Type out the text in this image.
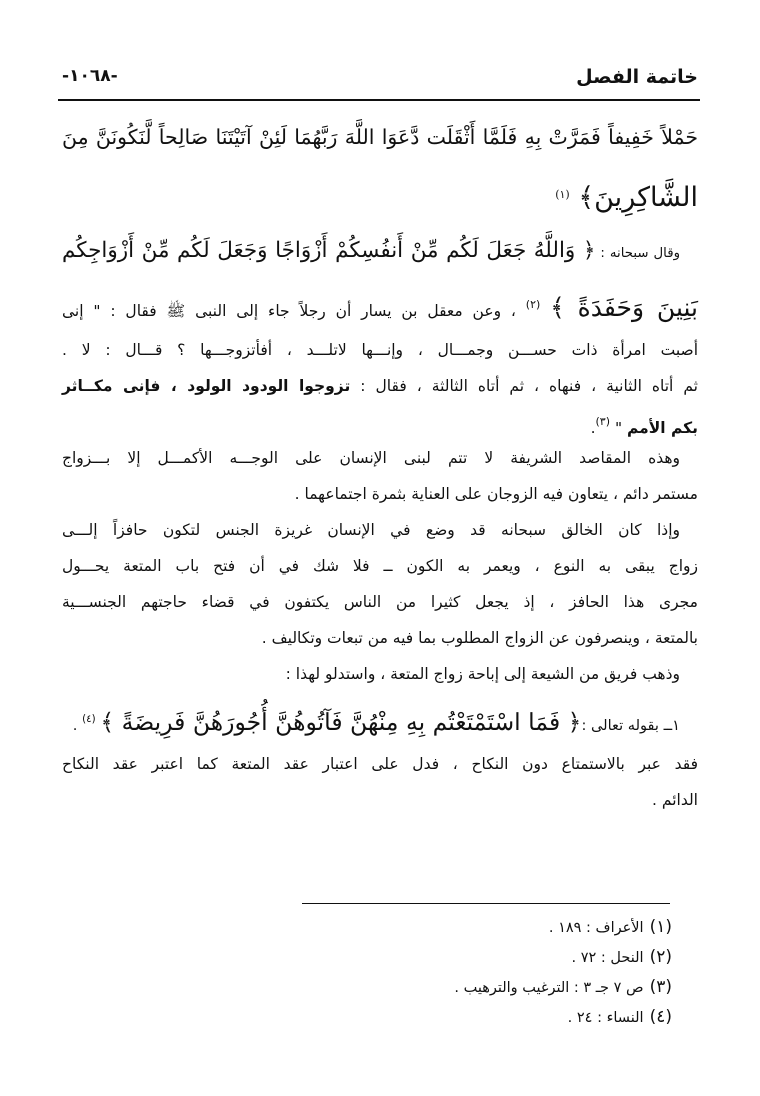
خاتمة الفصل
-١٠٦٨-
حَمْلاً خَفِيفاً فَمَرَّتْ بِهِ فَلَمَّا أَثْقَلَت دَّعَوَا اللَّهَ رَبَّهُمَا لَئِنْ آتَيْتَنَا صَالِحاً لَّنَكُونَنَّ مِنَ
الشَّاكِرِينَ﴾ $^{(١)}$
وقال سبحانه : ﴿ وَاللَّهُ جَعَلَ لَكُم مِّنْ أَنفُسِكُمْ أَزْوَاجًا وَجَعَلَ لَكُم مِّنْ أَزْوَاجِكُم
بَنِينَ وَحَفَدَةً ﴾ $^{(٢)}$ ، وعن معقل بن يسار أن رجلاً جاء إلى النبى ﷺ فقال : " إنى
أصبت امرأة ذات حســـن وجمـــال ، وإنـــها لاتلـــد ، أفأتزوجـــها ؟ قـــال : لا .
ثم أتاه الثانية ، فنهاه ، ثم أتاه الثالثة ، فقال : تزوجوا الودود الولود ، فإنى مكــاثر
بكم الأمم " $^{(٣)}$.
وهذه المقاصد الشريفة لا تتم لبنى الإنسان على الوجـــه الأكمـــل إلا بـــزواج
مستمر دائم ، يتعاون فيه الزوجان على العناية بثمرة اجتماعهما .
وإذا كان الخالق سبحانه قد وضع في الإنسان غريزة الجنس لتكون حافزاً إلـــى
زواج يبقى به النوع ، ويعمر به الكون ــ فلا شك في أن فتح باب المتعة يحـــول
مجرى هذا الحافز ، إذ يجعل كثيرا من الناس يكتفون في قضاء حاجتهم الجنســـية
بالمتعة ، وينصرفون عن الزواج المطلوب بما فيه من تبعات وتكاليف .
وذهب فريق من الشيعة إلى إباحة زواج المتعة ، واستدلو لهذا :
١ــ بقوله تعالى :﴿ فَمَا اسْتَمْتَعْتُم بِهِ مِنْهُنَّ فَآتُوهُنَّ أُجُورَهُنَّ فَرِيضَةً ﴾ $^{(٤)}$ .
فقد عبر بالاستمتاع دون النكاح ، فدل على اعتبار عقد المتعة كما اعتبر عقد النكاح
الدائم .
(١)الأعراف : ١٨٩ .
(٢)النحل : ٧٢ .
(٣)ص ٧ جـ ٣ : الترغيب والترهيب .
(٤)النساء : ٢٤ .
